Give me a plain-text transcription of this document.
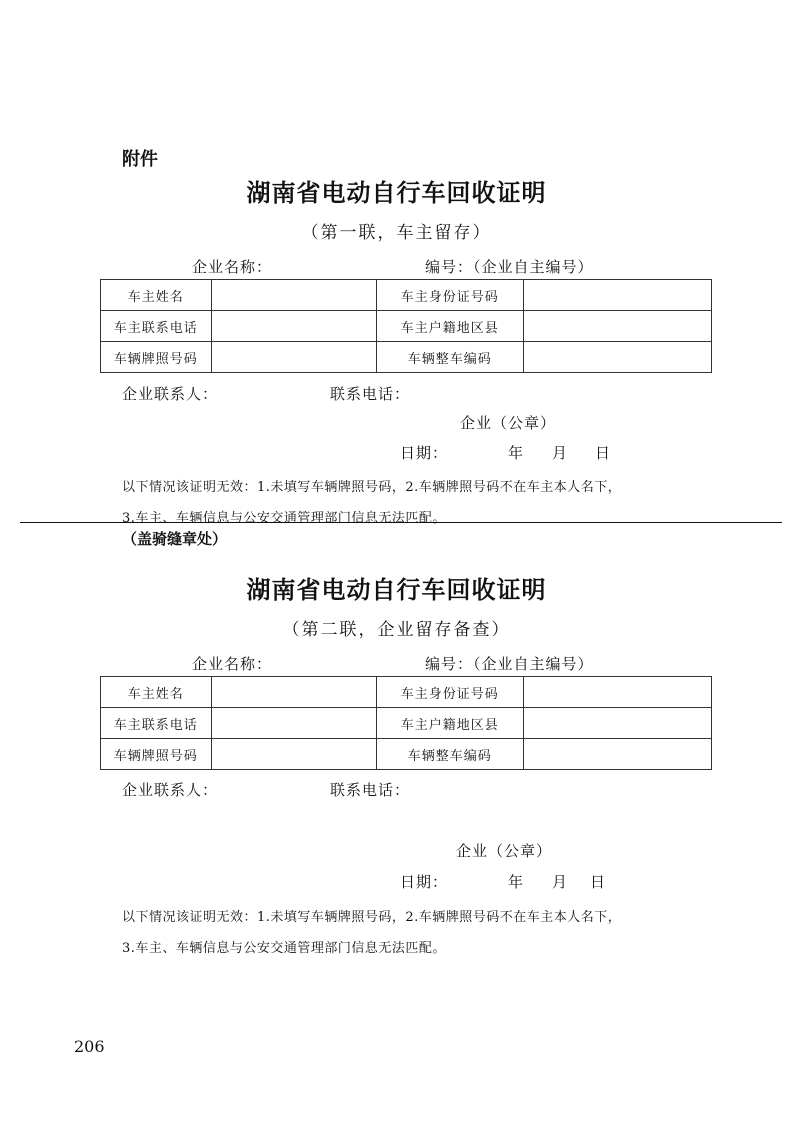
附件
湖南省电动自行车回收证明
（第一联，车主留存）
企业名称：	编号：（企业自主编号）
车主姓名		车主身份证号码	
车主联系电话		车主户籍地区县	
车辆牌照号码		车辆整车编码	
企业联系人：	联系电话：
企业（公章）
日期：	年 月 日
以下情况该证明无效：1.未填写车辆牌照号码，2.车辆牌照号码不在车主本人名下，
3.车主、车辆信息与公安交通管理部门信息无法匹配。
（盖骑缝章处）
湖南省电动自行车回收证明
（第二联，企业留存备查）
企业名称：	编号：（企业自主编号）
车主姓名		车主身份证号码	
车主联系电话		车主户籍地区县	
车辆牌照号码		车辆整车编码	
企业联系人：	联系电话：
企业（公章）
日期：	年 月 日
以下情况该证明无效：1.未填写车辆牌照号码，2.车辆牌照号码不在车主本人名下，
3.车主、车辆信息与公安交通管理部门信息无法匹配。
206
